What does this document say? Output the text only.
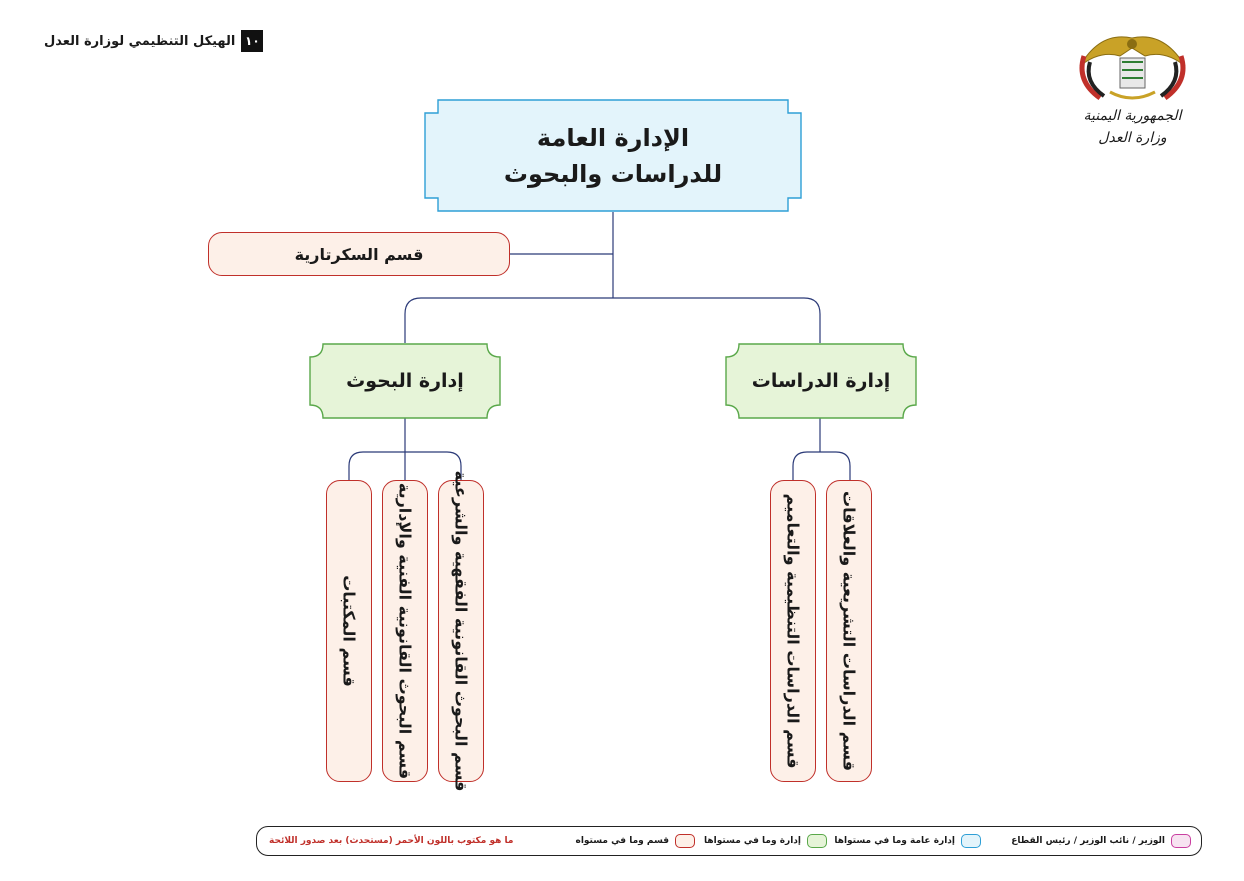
١٠
الهيكل التنظيمي لوزارة العدل
الجمهورية اليمنية
وزارة العدل
الإدارة العامة
للدراسات والبحوث
قسم السكرتارية
إدارة الدراسات
إدارة البحوث
قسم الدراسات التشريعية والعلاقات
قسم الدراسات التنظيمية والتعاميم
قسم البحوث القانونية الفقهية والشرعية
قسم البحوث القانونية الفنية والإدارية
قسم المكتبات
الوزير / نائب الوزير / رئيس القطاع
إدارة عامة وما في مستواها
إدارة وما في مستواها
قسم وما في مستواه
ما هو مكتوب باللون الأحمر (مستحدث) بعد صدور اللائحة
